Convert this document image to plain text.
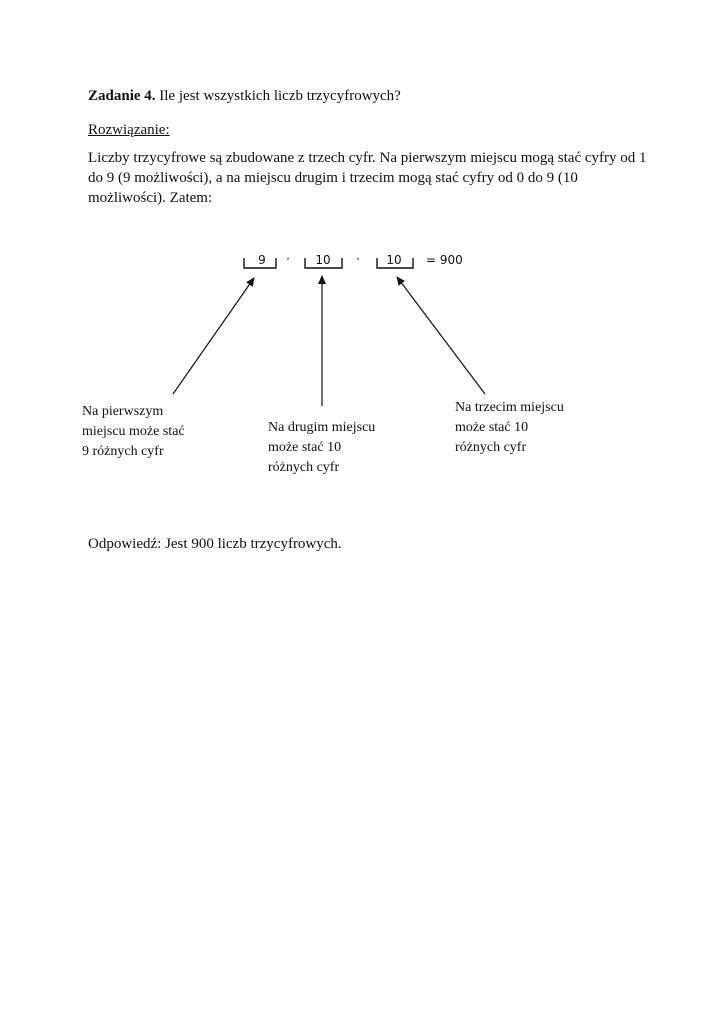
Zadanie 4. Ile jest wszystkich liczb trzycyfrowych?
Rozwiązanie:
Liczby trzycyfrowe są zbudowane z trzech cyfr. Na pierwszym miejscu mogą stać cyfry od 1
do 9 (9 możliwości), a na miejscu drugim i trzecim mogą stać cyfry od 0 do 9 (10
możliwości). Zatem:
9 · 10 · 10 = 900
Na pierwszym
miejscu może stać
9 różnych cyfr
Na drugim miejscu
może stać 10
różnych cyfr
Na trzecim miejscu
może stać 10
różnych cyfr
Odpowiedź: Jest 900 liczb trzycyfrowych.
